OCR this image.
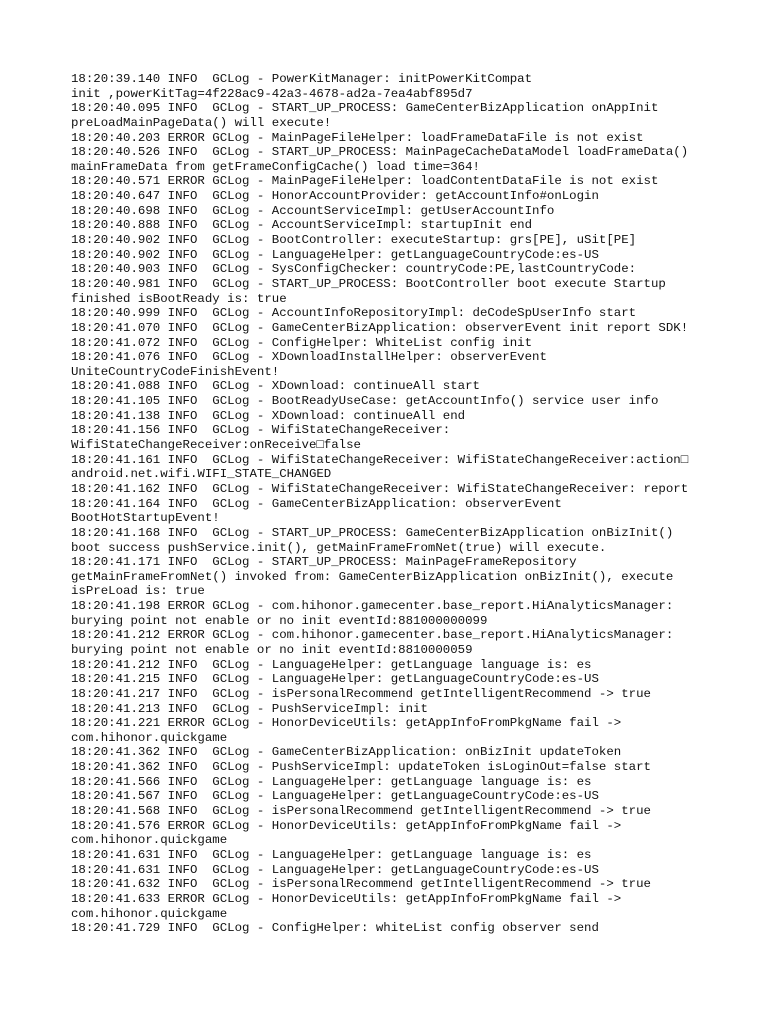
18:20:39.140 INFO  GCLog - PowerKitManager: initPowerKitCompat
init ,powerKitTag=4f228ac9-42a3-4678-ad2a-7ea4abf895d7
18:20:40.095 INFO  GCLog - START_UP_PROCESS: GameCenterBizApplication onAppInit
preLoadMainPageData() will execute!
18:20:40.203 ERROR GCLog - MainPageFileHelper: loadFrameDataFile is not exist
18:20:40.526 INFO  GCLog - START_UP_PROCESS: MainPageCacheDataModel loadFrameData()
mainFrameData from getFrameConfigCache() load time=364!
18:20:40.571 ERROR GCLog - MainPageFileHelper: loadContentDataFile is not exist
18:20:40.647 INFO  GCLog - HonorAccountProvider: getAccountInfo#onLogin
18:20:40.698 INFO  GCLog - AccountServiceImpl: getUserAccountInfo
18:20:40.888 INFO  GCLog - AccountServiceImpl: startupInit end
18:20:40.902 INFO  GCLog - BootController: executeStartup: grs[PE], uSit[PE]
18:20:40.902 INFO  GCLog - LanguageHelper: getLanguageCountryCode:es-US
18:20:40.903 INFO  GCLog - SysConfigChecker: countryCode:PE,lastCountryCode:
18:20:40.981 INFO  GCLog - START_UP_PROCESS: BootController boot execute Startup
finished isBootReady is: true
18:20:40.999 INFO  GCLog - AccountInfoRepositoryImpl: deCodeSpUserInfo start
18:20:41.070 INFO  GCLog - GameCenterBizApplication: observerEvent init report SDK!
18:20:41.072 INFO  GCLog - ConfigHelper: WhiteList config init
18:20:41.076 INFO  GCLog - XDownloadInstallHelper: observerEvent
UniteCountryCodeFinishEvent!
18:20:41.088 INFO  GCLog - XDownload: continueAll start
18:20:41.105 INFO  GCLog - BootReadyUseCase: getAccountInfo() service user info
18:20:41.138 INFO  GCLog - XDownload: continueAll end
18:20:41.156 INFO  GCLog - WifiStateChangeReceiver:
WifiStateChangeReceiver:onReceive□false
18:20:41.161 INFO  GCLog - WifiStateChangeReceiver: WifiStateChangeReceiver:action□
android.net.wifi.WIFI_STATE_CHANGED
18:20:41.162 INFO  GCLog - WifiStateChangeReceiver: WifiStateChangeReceiver: report
18:20:41.164 INFO  GCLog - GameCenterBizApplication: observerEvent
BootHotStartupEvent!
18:20:41.168 INFO  GCLog - START_UP_PROCESS: GameCenterBizApplication onBizInit()
boot success pushService.init(), getMainFrameFromNet(true) will execute.
18:20:41.171 INFO  GCLog - START_UP_PROCESS: MainPageFrameRepository
getMainFrameFromNet() invoked from: GameCenterBizApplication onBizInit(), execute
isPreLoad is: true
18:20:41.198 ERROR GCLog - com.hihonor.gamecenter.base_report.HiAnalyticsManager:
burying point not enable or no init eventId:881000000099
18:20:41.212 ERROR GCLog - com.hihonor.gamecenter.base_report.HiAnalyticsManager:
burying point not enable or no init eventId:8810000059
18:20:41.212 INFO  GCLog - LanguageHelper: getLanguage language is: es
18:20:41.215 INFO  GCLog - LanguageHelper: getLanguageCountryCode:es-US
18:20:41.217 INFO  GCLog - isPersonalRecommend getIntelligentRecommend -> true
18:20:41.213 INFO  GCLog - PushServiceImpl: init
18:20:41.221 ERROR GCLog - HonorDeviceUtils: getAppInfoFromPkgName fail ->
com.hihonor.quickgame
18:20:41.362 INFO  GCLog - GameCenterBizApplication: onBizInit updateToken
18:20:41.362 INFO  GCLog - PushServiceImpl: updateToken isLoginOut=false start
18:20:41.566 INFO  GCLog - LanguageHelper: getLanguage language is: es
18:20:41.567 INFO  GCLog - LanguageHelper: getLanguageCountryCode:es-US
18:20:41.568 INFO  GCLog - isPersonalRecommend getIntelligentRecommend -> true
18:20:41.576 ERROR GCLog - HonorDeviceUtils: getAppInfoFromPkgName fail ->
com.hihonor.quickgame
18:20:41.631 INFO  GCLog - LanguageHelper: getLanguage language is: es
18:20:41.631 INFO  GCLog - LanguageHelper: getLanguageCountryCode:es-US
18:20:41.632 INFO  GCLog - isPersonalRecommend getIntelligentRecommend -> true
18:20:41.633 ERROR GCLog - HonorDeviceUtils: getAppInfoFromPkgName fail ->
com.hihonor.quickgame
18:20:41.729 INFO  GCLog - ConfigHelper: whiteList config observer send
